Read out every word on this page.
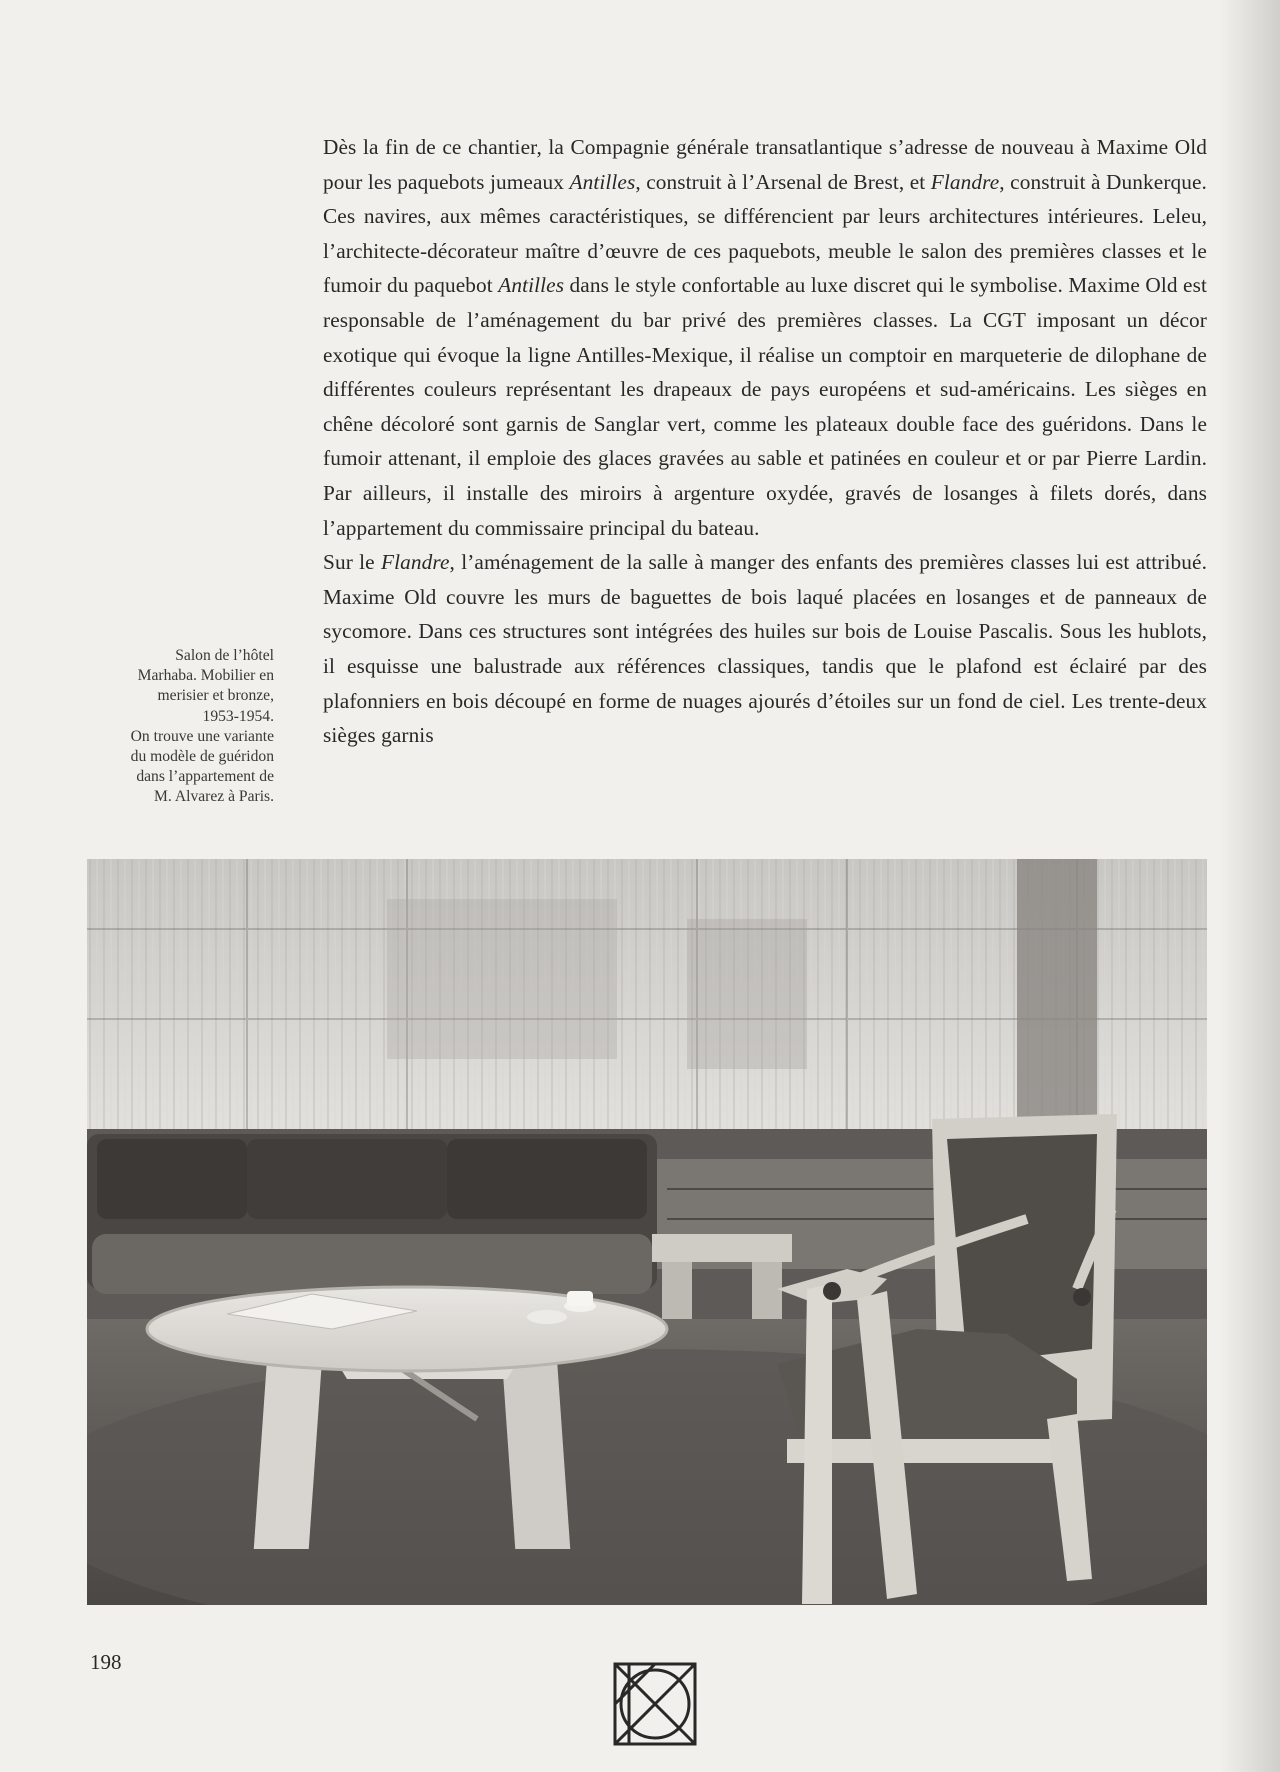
Dès la fin de ce chantier, la Compagnie générale transatlantique s’adresse de nouveau à Maxime Old pour les paquebots jumeaux Antilles, construit à l’Arsenal de Brest, et Flandre, construit à Dunkerque. Ces navires, aux mêmes caractéristiques, se différencient par leurs architectures intérieures. Leleu, l’architecte-décorateur maître d’œuvre de ces paquebots, meuble le salon des premières classes et le fumoir du paquebot Antilles dans le style confortable au luxe discret qui le symbolise. Maxime Old est responsable de l’aménagement du bar privé des premières classes. La CGT imposant un décor exotique qui évoque la ligne Antilles-Mexique, il réalise un comptoir en marqueterie de dilophane de différentes couleurs représentant les drapeaux de pays européens et sud-américains. Les sièges en chêne décoloré sont garnis de Sanglar vert, comme les plateaux double face des guéridons. Dans le fumoir attenant, il emploie des glaces gravées au sable et patinées en couleur et or par Pierre Lardin. Par ailleurs, il installe des miroirs à argenture oxydée, gravés de losanges à filets dorés, dans l’appartement du commissaire principal du bateau.

Sur le Flandre, l’aménagement de la salle à manger des enfants des premières classes lui est attribué. Maxime Old couvre les murs de baguettes de bois laqué placées en losanges et de panneaux de sycomore. Dans ces structures sont intégrées des huiles sur bois de Louise Pascalis. Sous les hublots, il esquisse une balustrade aux références classiques, tandis que le plafond est éclairé par des plafonniers en bois découpé en forme de nuages ajourés d’étoiles sur un fond de ciel. Les trente-deux sièges garnis

Salon de l’hôtel
Marhaba. Mobilier en
merisier et bronze,
1953-1954.
On trouve une variante
du modèle de guéridon
dans l’appartement de
M. Alvarez à Paris.
198
